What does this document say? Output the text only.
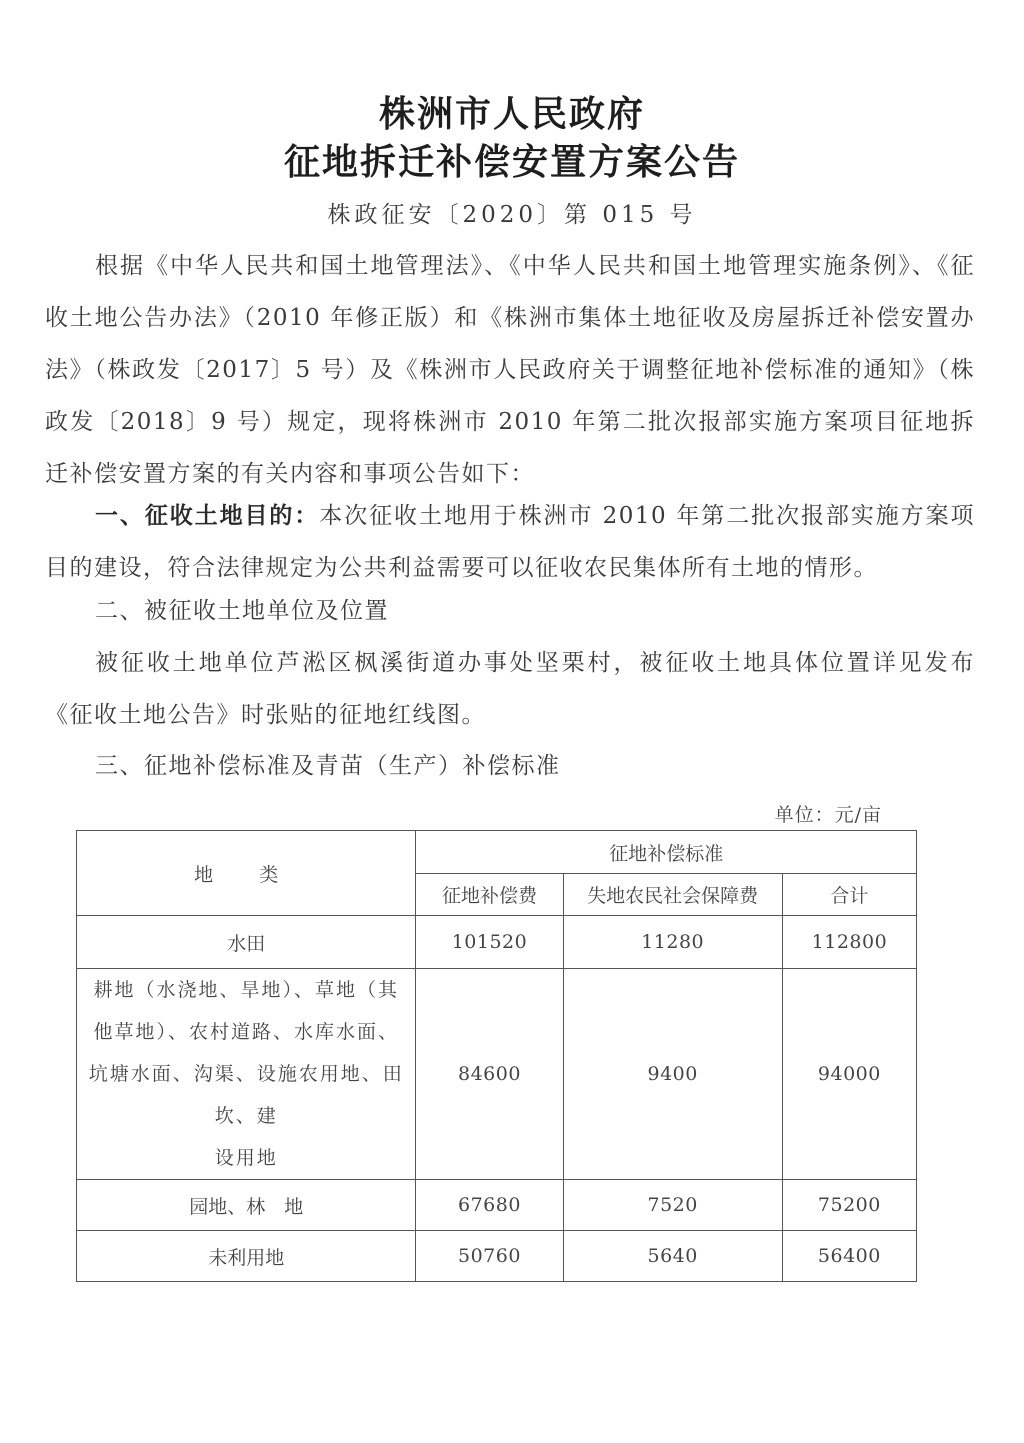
株洲市人民政府
征地拆迁补偿安置方案公告
株政征安〔2020〕第 015 号
根据《中华人民共和国土地管理法》、《中华人民共和国土地管理实施条例》、《征收土地公告办法》（2010 年修正版）和《株洲市集体土地征收及房屋拆迁补偿安置办法》（株政发〔2017〕5 号）及《株洲市人民政府关于调整征地补偿标准的通知》（株政发〔2018〕9 号）规定，现将株洲市 2010 年第二批次报部实施方案项目征地拆迁补偿安置方案的有关内容和事项公告如下：
一、征收土地目的：本次征收土地用于株洲市 2010 年第二批次报部实施方案项目的建设，符合法律规定为公共利益需要可以征收农民集体所有土地的情形。
二、被征收土地单位及位置
被征收土地单位芦淞区枫溪街道办事处坚栗村，被征收土地具体位置详见发布《征收土地公告》时张贴的征地红线图。
三、征地补偿标准及青苗（生产）补偿标准
单位：元/亩
地 类	征地补偿标准		
	征地补偿费	失地农民社会保障费	合计
水田	101520	11280	112800
耕地（水浇地、旱地）、草地（其他草地）、农村道路、水库水面、坑塘水面、沟渠、设施农用地、田坎、建
设用地	84600	9400	94000
园地、林　地	67680	7520	75200
未利用地	50760	5640	56400
